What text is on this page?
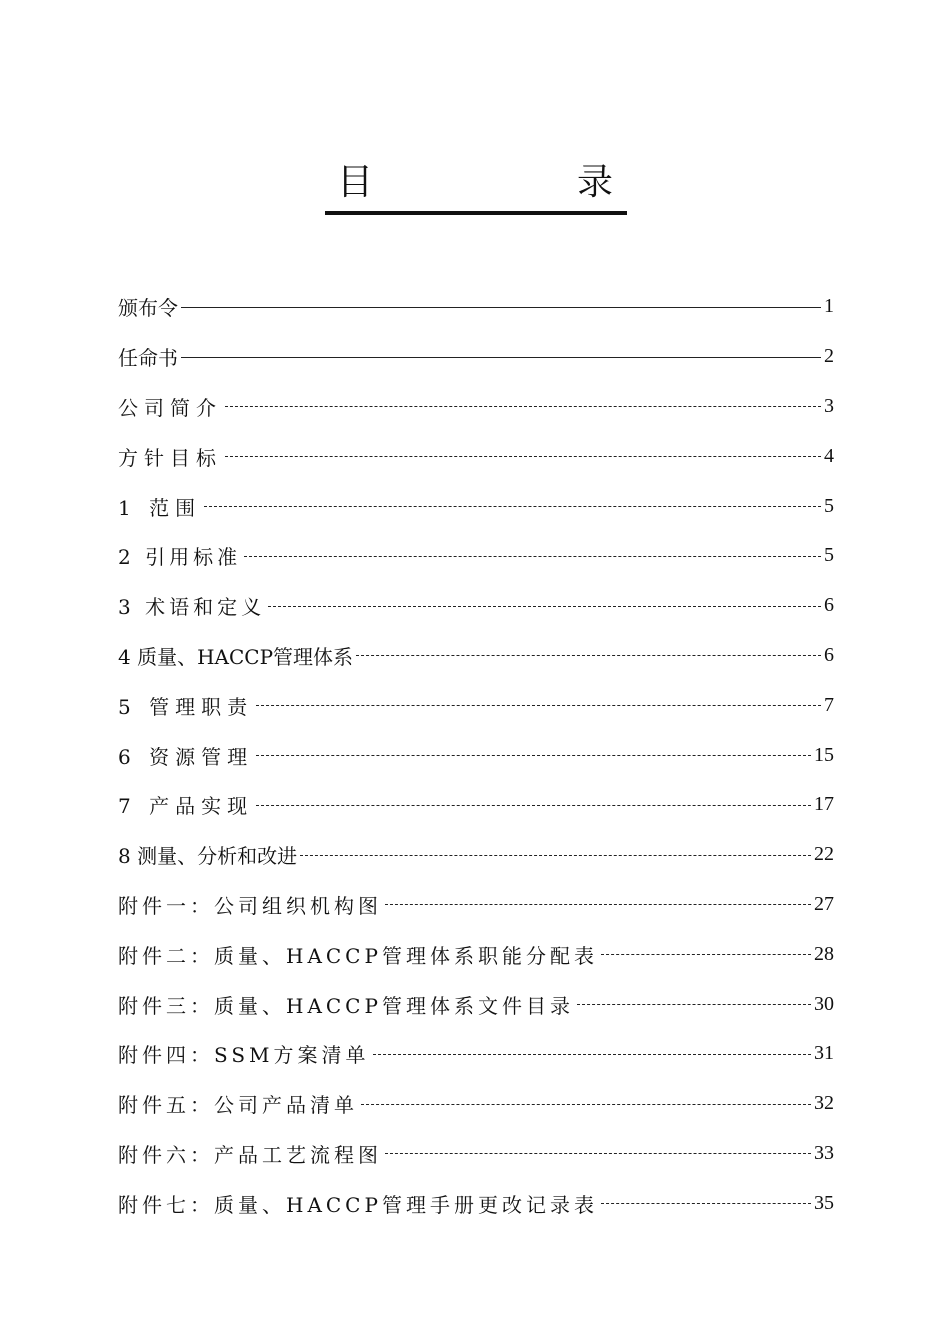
目	录
颁布令	1
任命书	2
公司简介	3
方针目标	4
1 范围	5
2 引用标准	5
3 术语和定义	6
4 质量、HACCP管理体系	6
5 管理职责	7
6 资源管理	15
7 产品实现	17
8 测量、分析和改进	22
附件一：公司组织机构图	27
附件二：质量、HACCP管理体系职能分配表	28
附件三：质量、HACCP管理体系文件目录	30
附件四：SSM方案清单	31
附件五：公司产品清单	32
附件六：产品工艺流程图	33
附件七：质量、HACCP管理手册更改记录表	35
